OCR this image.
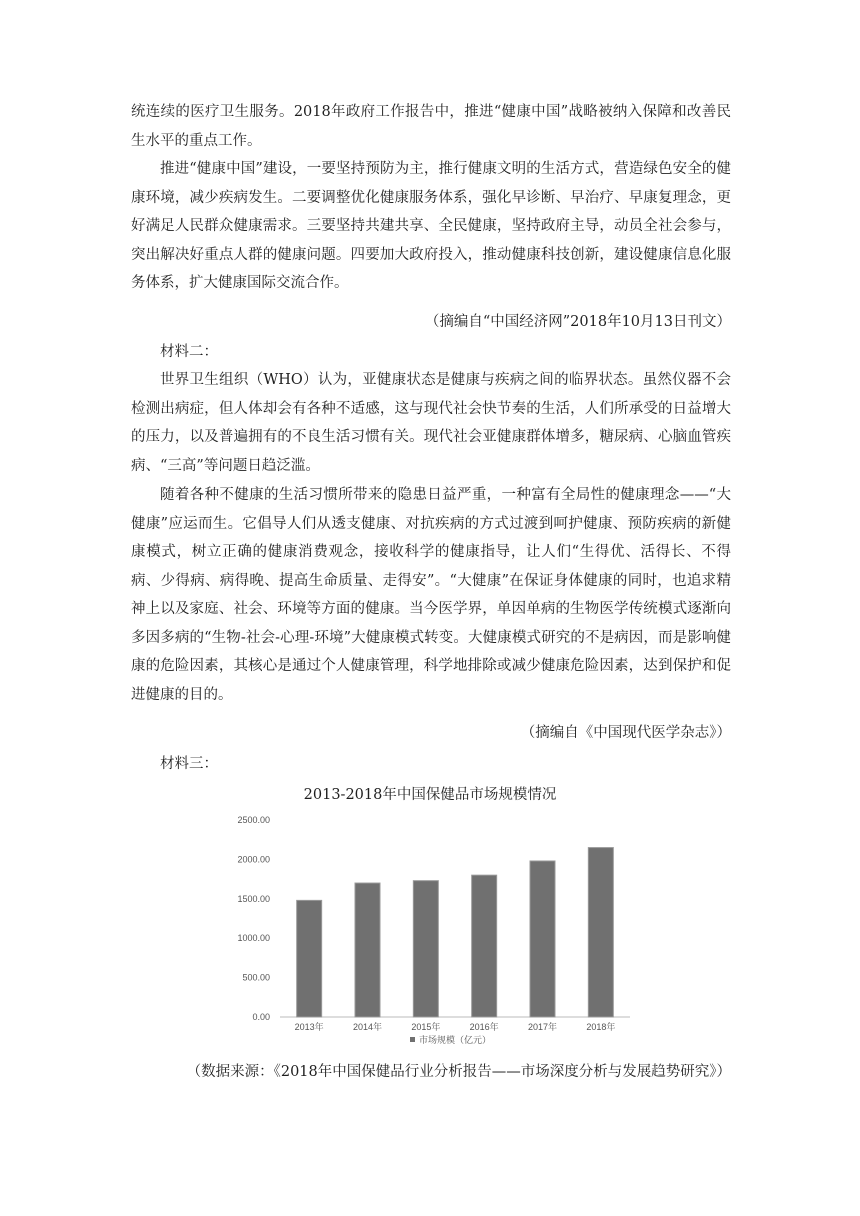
统连续的医疗卫生服务。2018年政府工作报告中，推进“健康中国”战略被纳入保障和改善民生水平的重点工作。

推进“健康中国”建设，一要坚持预防为主，推行健康文明的生活方式，营造绿色安全的健康环境，减少疾病发生。二要调整优化健康服务体系，强化早诊断、早治疗、早康复理念，更好满足人民群众健康需求。三要坚持共建共享、全民健康，坚持政府主导，动员全社会参与，突出解决好重点人群的健康问题。四要加大政府投入，推动健康科技创新，建设健康信息化服务体系，扩大健康国际交流合作。

（摘编自“中国经济网”2018年10月13日刊文）

材料二：

世界卫生组织（WHO）认为，亚健康状态是健康与疾病之间的临界状态。虽然仪器不会检测出病症，但人体却会有各种不适感，这与现代社会快节奏的生活，人们所承受的日益增大的压力，以及普遍拥有的不良生活习惯有关。现代社会亚健康群体增多，糖尿病、心脑血管疾病、“三高”等问题日趋泛滥。

随着各种不健康的生活习惯所带来的隐患日益严重，一种富有全局性的健康理念——“大健康”应运而生。它倡导人们从透支健康、对抗疾病的方式过渡到呵护健康、预防疾病的新健康模式，树立正确的健康消费观念，接收科学的健康指导，让人们“生得优、活得长、不得病、少得病、病得晚、提高生命质量、走得安”。“大健康”在保证身体健康的同时，也追求精神上以及家庭、社会、环境等方面的健康。当今医学界，单因单病的生物医学传统模式逐渐向多因多病的“生物-社会-心理-环境”大健康模式转变。大健康模式研究的不是病因，而是影响健康的危险因素，其核心是通过个人健康管理，科学地排除或减少健康危险因素，达到保护和促进健康的目的。

（摘编自《中国现代医学杂志》）

材料三：

2013-2018年中国保健品市场规模情况
0.00
500.00
1000.00
1500.00
2000.00
2500.00
2013年	2014年	2015年	2016年	2017年	2018年
市场规模（亿元）

（数据来源：《2018年中国保健品行业分析报告——市场深度分析与发展趋势研究》）
